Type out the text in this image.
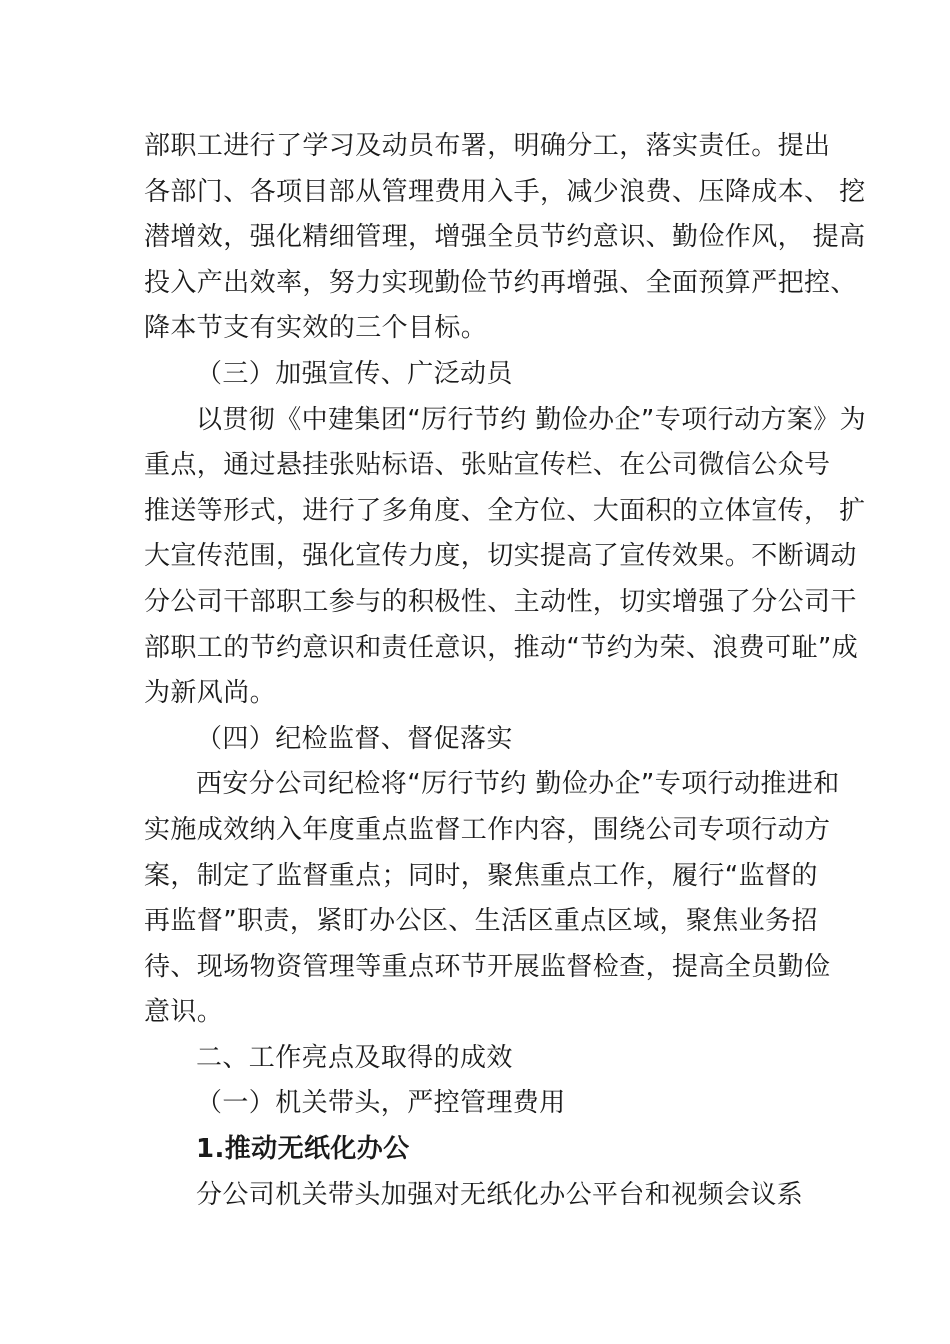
部职工进行了学习及动员布署，明确分工，落实责任。提出
各部门、各项目部从管理费用入手，减少浪费、压降成本、 挖
潜增效，强化精细管理，增强全员节约意识、勤俭作风， 提高
投入产出效率，努力实现勤俭节约再增强、全面预算严把控、
降本节支有实效的三个目标。
（三）加强宣传、广泛动员
以贯彻《中建集团“厉行节约 勤俭办企”专项行动方案》为
重点，通过悬挂张贴标语、张贴宣传栏、在公司微信公众号
推送等形式，进行了多角度、全方位、大面积的立体宣传， 扩
大宣传范围，强化宣传力度，切实提高了宣传效果。不断调动
分公司干部职工参与的积极性、主动性，切实增强了分公司干
部职工的节约意识和责任意识，推动“节约为荣、浪费可耻”成
为新风尚。
（四）纪检监督、督促落实
西安分公司纪检将“厉行节约 勤俭办企”专项行动推进和
实施成效纳入年度重点监督工作内容，围绕公司专项行动方
案，制定了监督重点；同时，聚焦重点工作，履行“监督的
再监督”职责，紧盯办公区、生活区重点区域，聚焦业务招
待、现场物资管理等重点环节开展监督检查，提高全员勤俭
意识。
二、工作亮点及取得的成效
（一）机关带头，严控管理费用
1.推动无纸化办公
分公司机关带头加强对无纸化办公平台和视频会议系
